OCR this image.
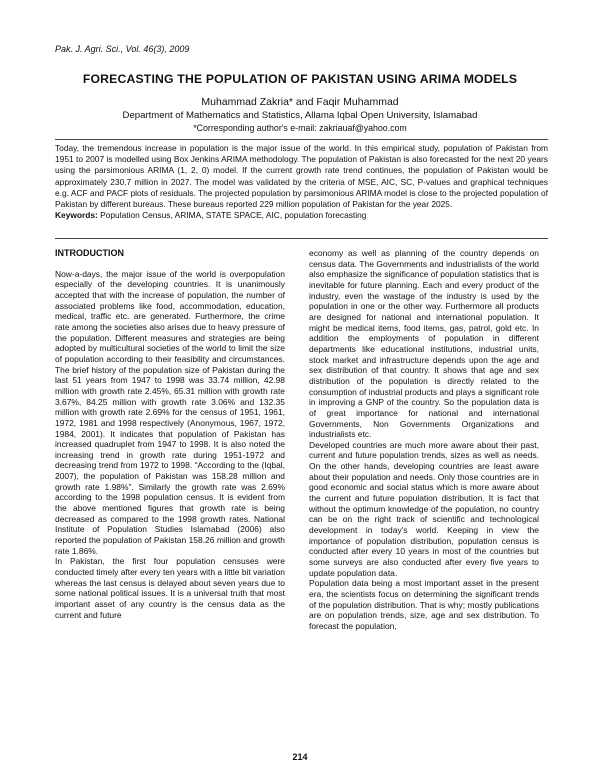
Pak. J. Agri. Sci., Vol. 46(3), 2009
FORECASTING THE POPULATION OF PAKISTAN USING ARIMA MODELS
Muhammad Zakria* and Faqir Muhammad
Department of Mathematics and Statistics, Allama Iqbal Open University, Islamabad
*Corresponding author's e-mail: zakriauaf@yahoo.com
Today, the tremendous increase in population is the major issue of the world. In this empirical study, population of Pakistan from 1951 to 2007 is modelled using Box Jenkins ARIMA methodology. The population of Pakistan is also forecasted for the next 20 years using the parsimonious ARIMA (1, 2, 0) model. If the current growth rate trend continues, the population of Pakistan would be approximately 230.7 million in 2027. The model was validated by the criteria of MSE, AIC, SC, P-values and graphical techniques e.g. ACF and PACF plots of residuals. The projected population by parsimonious ARIMA model is close to the projected population of Pakistan by different bureaus. These bureaus reported 229 million population of Pakistan for the year 2025.
Keywords: Population Census, ARIMA, STATE SPACE, AIC, population forecasting

INTRODUCTION

Now-a-days, the major issue of the world is overpopulation especially of the developing countries. It is unanimously accepted that with the increase of population, the number of associated problems like food, accommodation, education, medical, traffic etc. are generated. Furthermore, the crime rate among the societies also arises due to heavy pressure of the population. Different measures and strategies are being adopted by multicultural societies of the world to limit the size of population according to their feasibility and circumstances. The brief history of the population size of Pakistan during the last 51 years from 1947 to 1998 was 33.74 million, 42.98 million with growth rate 2.45%, 65.31 million with growth rate 3.67%, 84.25 million with growth rate 3.06% and 132.35 million with growth rate 2.69% for the census of 1951, 1961, 1972, 1981 and 1998 respectively (Anonymous, 1967, 1972, 1984, 2001). It indicates that population of Pakistan has increased quadruplet from 1947 to 1998. It is also noted the increasing trend in growth rate during 1951-1972 and decreasing trend from 1972 to 1998. “According to the (Iqbal, 2007), the population of Pakistan was 158.28 million and growth rate 1.98%”. Similarly the growth rate was 2.69% according to the 1998 population census. It is evident from the above mentioned figures that growth rate is being decreased as compared to the 1998 growth rates. National Institute of Population Studies Islamabad (2006) also reported the population of Pakistan 158.26 million and growth rate 1.86%.

In Pakistan, the first four population censuses were conducted timely after every ten years with a little bit variation whereas the last census is delayed about seven years due to some national political issues. It is a universal truth that most important asset of any country is the census data as the current and future

economy as well as planning of the country depends on census data. The Governments and industrialists of the world also emphasize the significance of population statistics that is inevitable for future planning. Each and every product of the industry, even the wastage of the industry is used by the population in one or the other way. Furthermore all products are designed for national and international population. It might be medical items, food items, gas, patrol, gold etc. In addition the employments of population in different departments like educational institutions, industrial units, stock market and infrastructure depends upon the age and sex distribution of that country. It shows that age and sex distribution of the population is directly related to the consumption of industrial products and plays a significant role in improving a GNP of the country. So the population data is of great importance for national and international Governments, Non Governments Organizations and industrialists etc.

Developed countries are much more aware about their past, current and future population trends, sizes as well as needs. On the other hands, developing countries are least aware about their population and needs. Only those countries are in good economic and social status which is more aware about the current and future population distribution. It is fact that without the optimum knowledge of the population, no country can be on the right track of scientific and technological development in today's world. Keeping in view the importance of population distribution, population census is conducted after every 10 years in most of the countries but some surveys are also conducted after every five years to update population data.

Population data being a most important asset in the present era, the scientists focus on determining the significant trends of the population distribution. That is why; mostly publications are on population trends, size, age and sex distribution. To forecast the population,

214
